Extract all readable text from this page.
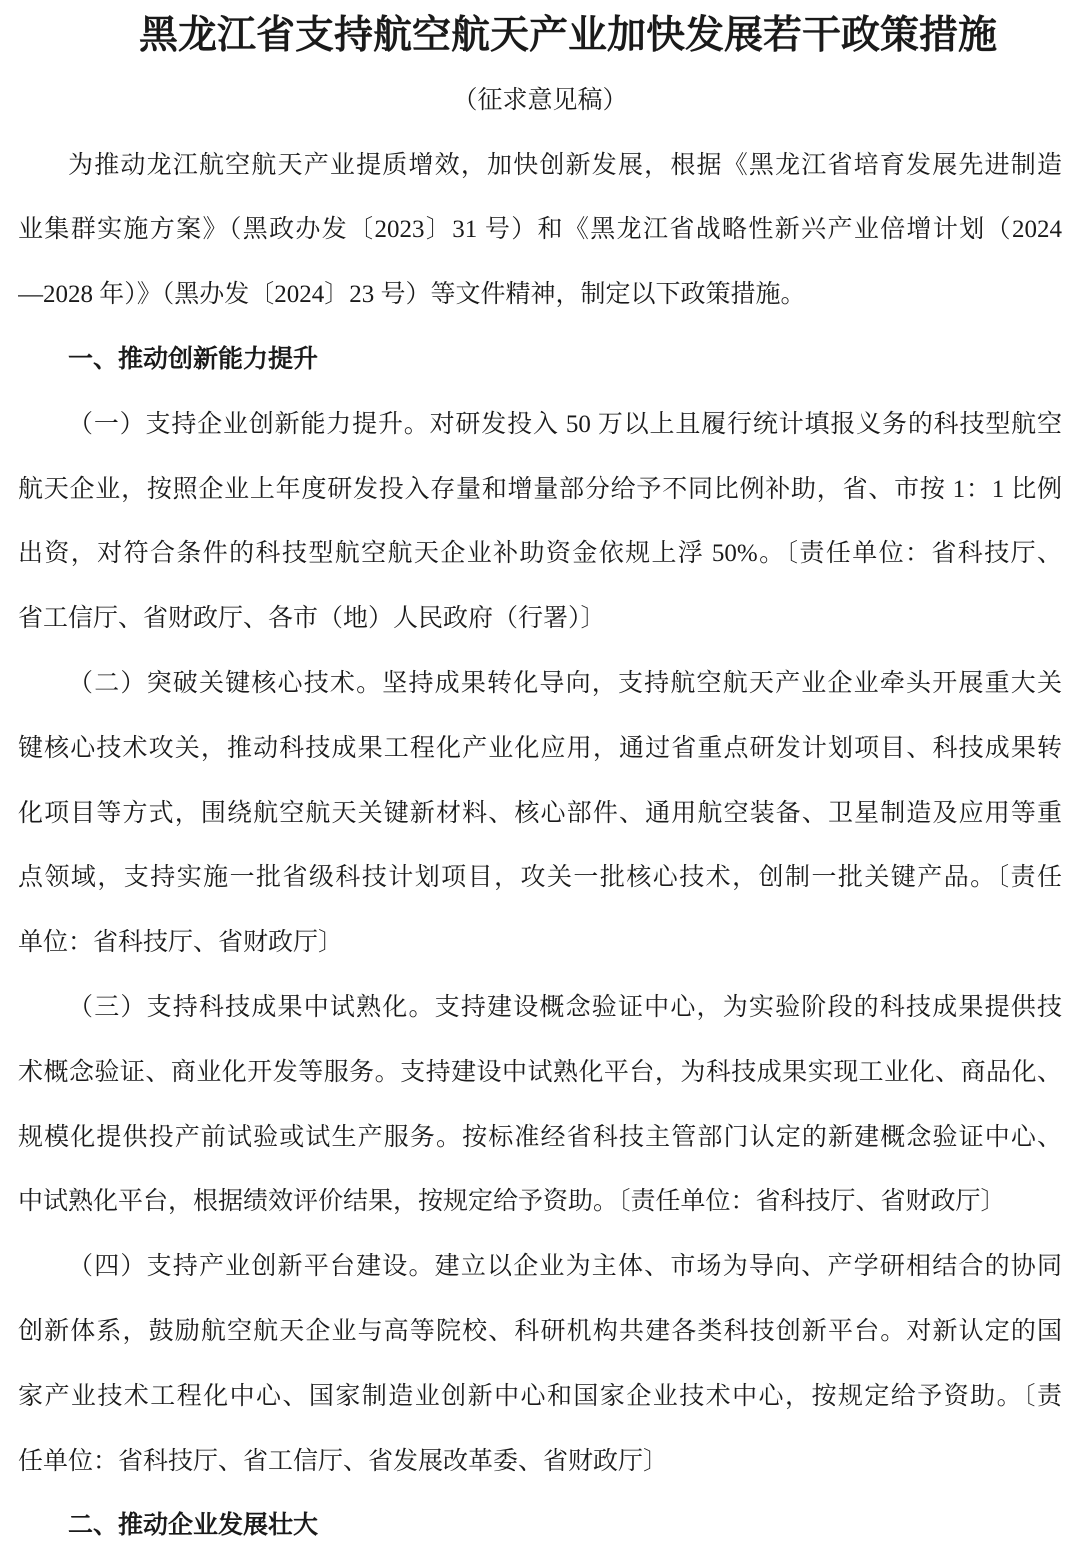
黑龙江省支持航空航天产业加快发展若干政策措施
（征求意见稿）
为推动龙江航空航天产业提质增效，加快创新发展，根据《黑龙江省培育发展先进制造
业集群实施方案》（黑政办发〔2023〕31 号）和《黑龙江省战略性新兴产业倍增计划（2024
—2028 年）》（黑办发〔2024〕23 号）等文件精神，制定以下政策措施。
一、推动创新能力提升
（一）支持企业创新能力提升。对研发投入 50 万以上且履行统计填报义务的科技型航空
航天企业，按照企业上年度研发投入存量和增量部分给予不同比例补助，省、市按 1：1 比例
出资，对符合条件的科技型航空航天企业补助资金依规上浮 50%。〔责任单位：省科技厅、
省工信厅、省财政厅、各市（地）人民政府（行署）〕
（二）突破关键核心技术。坚持成果转化导向，支持航空航天产业企业牵头开展重大关
键核心技术攻关，推动科技成果工程化产业化应用，通过省重点研发计划项目、科技成果转
化项目等方式，围绕航空航天关键新材料、核心部件、通用航空装备、卫星制造及应用等重
点领域，支持实施一批省级科技计划项目，攻关一批核心技术，创制一批关键产品。〔责任
单位：省科技厅、省财政厅〕
（三）支持科技成果中试熟化。支持建设概念验证中心，为实验阶段的科技成果提供技
术概念验证、商业化开发等服务。支持建设中试熟化平台，为科技成果实现工业化、商品化、
规模化提供投产前试验或试生产服务。按标准经省科技主管部门认定的新建概念验证中心、
中试熟化平台，根据绩效评价结果，按规定给予资助。〔责任单位：省科技厅、省财政厅〕
（四）支持产业创新平台建设。建立以企业为主体、市场为导向、产学研相结合的协同
创新体系，鼓励航空航天企业与高等院校、科研机构共建各类科技创新平台。对新认定的国
家产业技术工程化中心、国家制造业创新中心和国家企业技术中心，按规定给予资助。〔责
任单位：省科技厅、省工信厅、省发展改革委、省财政厅〕
二、推动企业发展壮大
